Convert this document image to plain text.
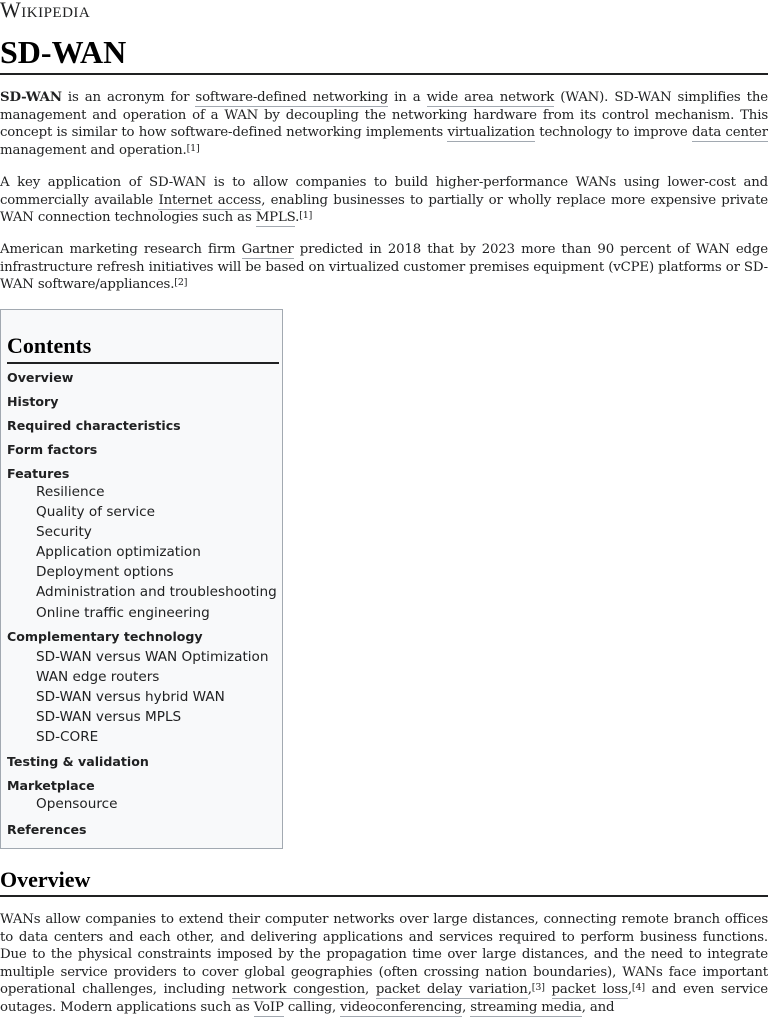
Wikipedia
SD-WAN

SD-WAN is an acronym for software-defined networking in a wide area network (WAN). SD-WAN simplifies the management and operation of a WAN by decoupling the networking hardware from its control mechanism. This concept is similar to how software-defined networking implements virtualization technology to improve data center management and operation.[1]

A key application of SD-WAN is to allow companies to build higher-performance WANs using lower-cost and commercially available Internet access, enabling businesses to partially or wholly replace more expensive private WAN connection technologies such as MPLS.[1]

American marketing research firm Gartner predicted in 2018 that by 2023 more than 90 percent of WAN edge infrastructure refresh initiatives will be based on virtualized customer premises equipment (vCPE) platforms or SD-WAN software/appliances.[2]

Contents
Overview
History
Required characteristics
Form factors
Features
Resilience
Quality of service
Security
Application optimization
Deployment options
Administration and troubleshooting
Online traffic engineering
Complementary technology
SD-WAN versus WAN Optimization
WAN edge routers
SD-WAN versus hybrid WAN
SD-WAN versus MPLS
SD-CORE
Testing & validation
Marketplace
Opensource
References
Overview

WANs allow companies to extend their computer networks over large distances, connecting remote branch offices to data centers and each other, and delivering applications and services required to perform business functions. Due to the physical constraints imposed by the propagation time over large distances, and the need to integrate multiple service providers to cover global geographies (often crossing nation boundaries), WANs face important operational challenges, including network congestion, packet delay variation,[3] packet loss,[4] and even service outages. Modern applications such as VoIP calling, videoconferencing, streaming media, and
